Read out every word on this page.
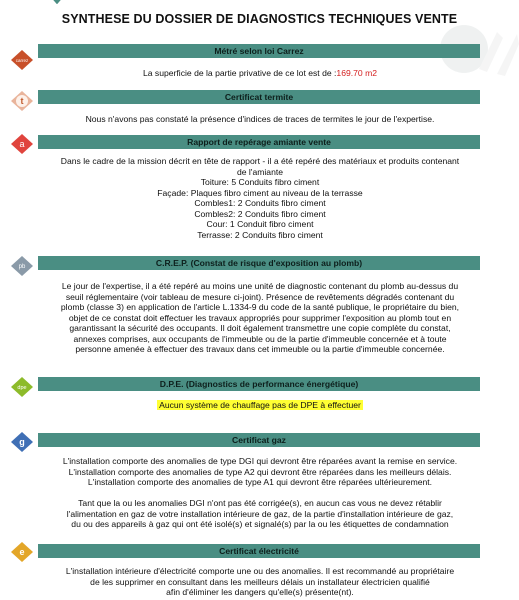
SYNTHESE DU DOSSIER DE DIAGNOSTICS TECHNIQUES VENTE
carrez
Métré selon loi Carrez
La superficie de la partie privative de ce lot est de :169.70 m2
t	Certificat termite
Nous n'avons pas constaté la présence d'indices de traces de termites le jour de l'expertise.
a	Rapport de repérage amiante vente

Dans le cadre de la mission décrit en tête de rapport - il a été repéré des matériaux et produits contenant

de l'amiante

Toiture: 5 Conduits fibro ciment

Façade: Plaques fibro ciment au niveau de la terrasse

Combles1: 2 Conduits fibro ciment

Combles2: 2 Conduits fibro ciment

Cour: 1 Conduit fibro ciment

Terrasse: 2 Conduits fibro ciment

pb	C.R.E.P. (Constat de risque d'exposition au plomb)

Le jour de l'expertise, il a été repéré au moins une unité de diagnostic contenant du plomb au-dessus du

seuil réglementaire (voir tableau de mesure ci-joint). Présence de revêtements dégradés contenant du

plomb (classe 3) en application de l'article L.1334-9 du code de la santé publique, le propriétaire du bien,

objet de ce constat doit effectuer les travaux appropriés pour supprimer l'exposition au plomb tout en

garantissant la sécurité des occupants. Il doit également transmettre une copie complète du constat,

annexes comprises, aux occupants de l'immeuble ou de la partie d'immeuble concernée et à toute

personne amenée à effectuer des travaux dans cet immeuble ou la partie d'immeuble concernée.

dpe	D.P.E. (Diagnostics de performance énergétique)
Aucun système de chauffage pas de DPE à effectuer
g	Certificat gaz

L'installation comporte des anomalies de type DGI qui devront être réparées avant la remise en service.

L'installation comporte des anomalies de type A2 qui devront être réparées dans les meilleurs délais.

L'installation comporte des anomalies de type A1 qui devront être réparées ultérieurement.

Tant que la ou les anomalies DGI n'ont pas été corrigée(s), en aucun cas vous ne devez rétablir

l'alimentation en gaz de votre installation intérieure de gaz, de la partie d'installation intérieure de gaz,

du ou des appareils à gaz qui ont été isolé(s) et signalé(s) par la ou les étiquettes de condamnation

e	Certificat électricité

L'installation intérieure d'électricité comporte une ou des anomalies. Il est recommandé au propriétaire

de les supprimer en consultant dans les meilleurs délais un installateur électricien qualifié

afin d'éliminer les dangers qu'elle(s) présente(nt).
